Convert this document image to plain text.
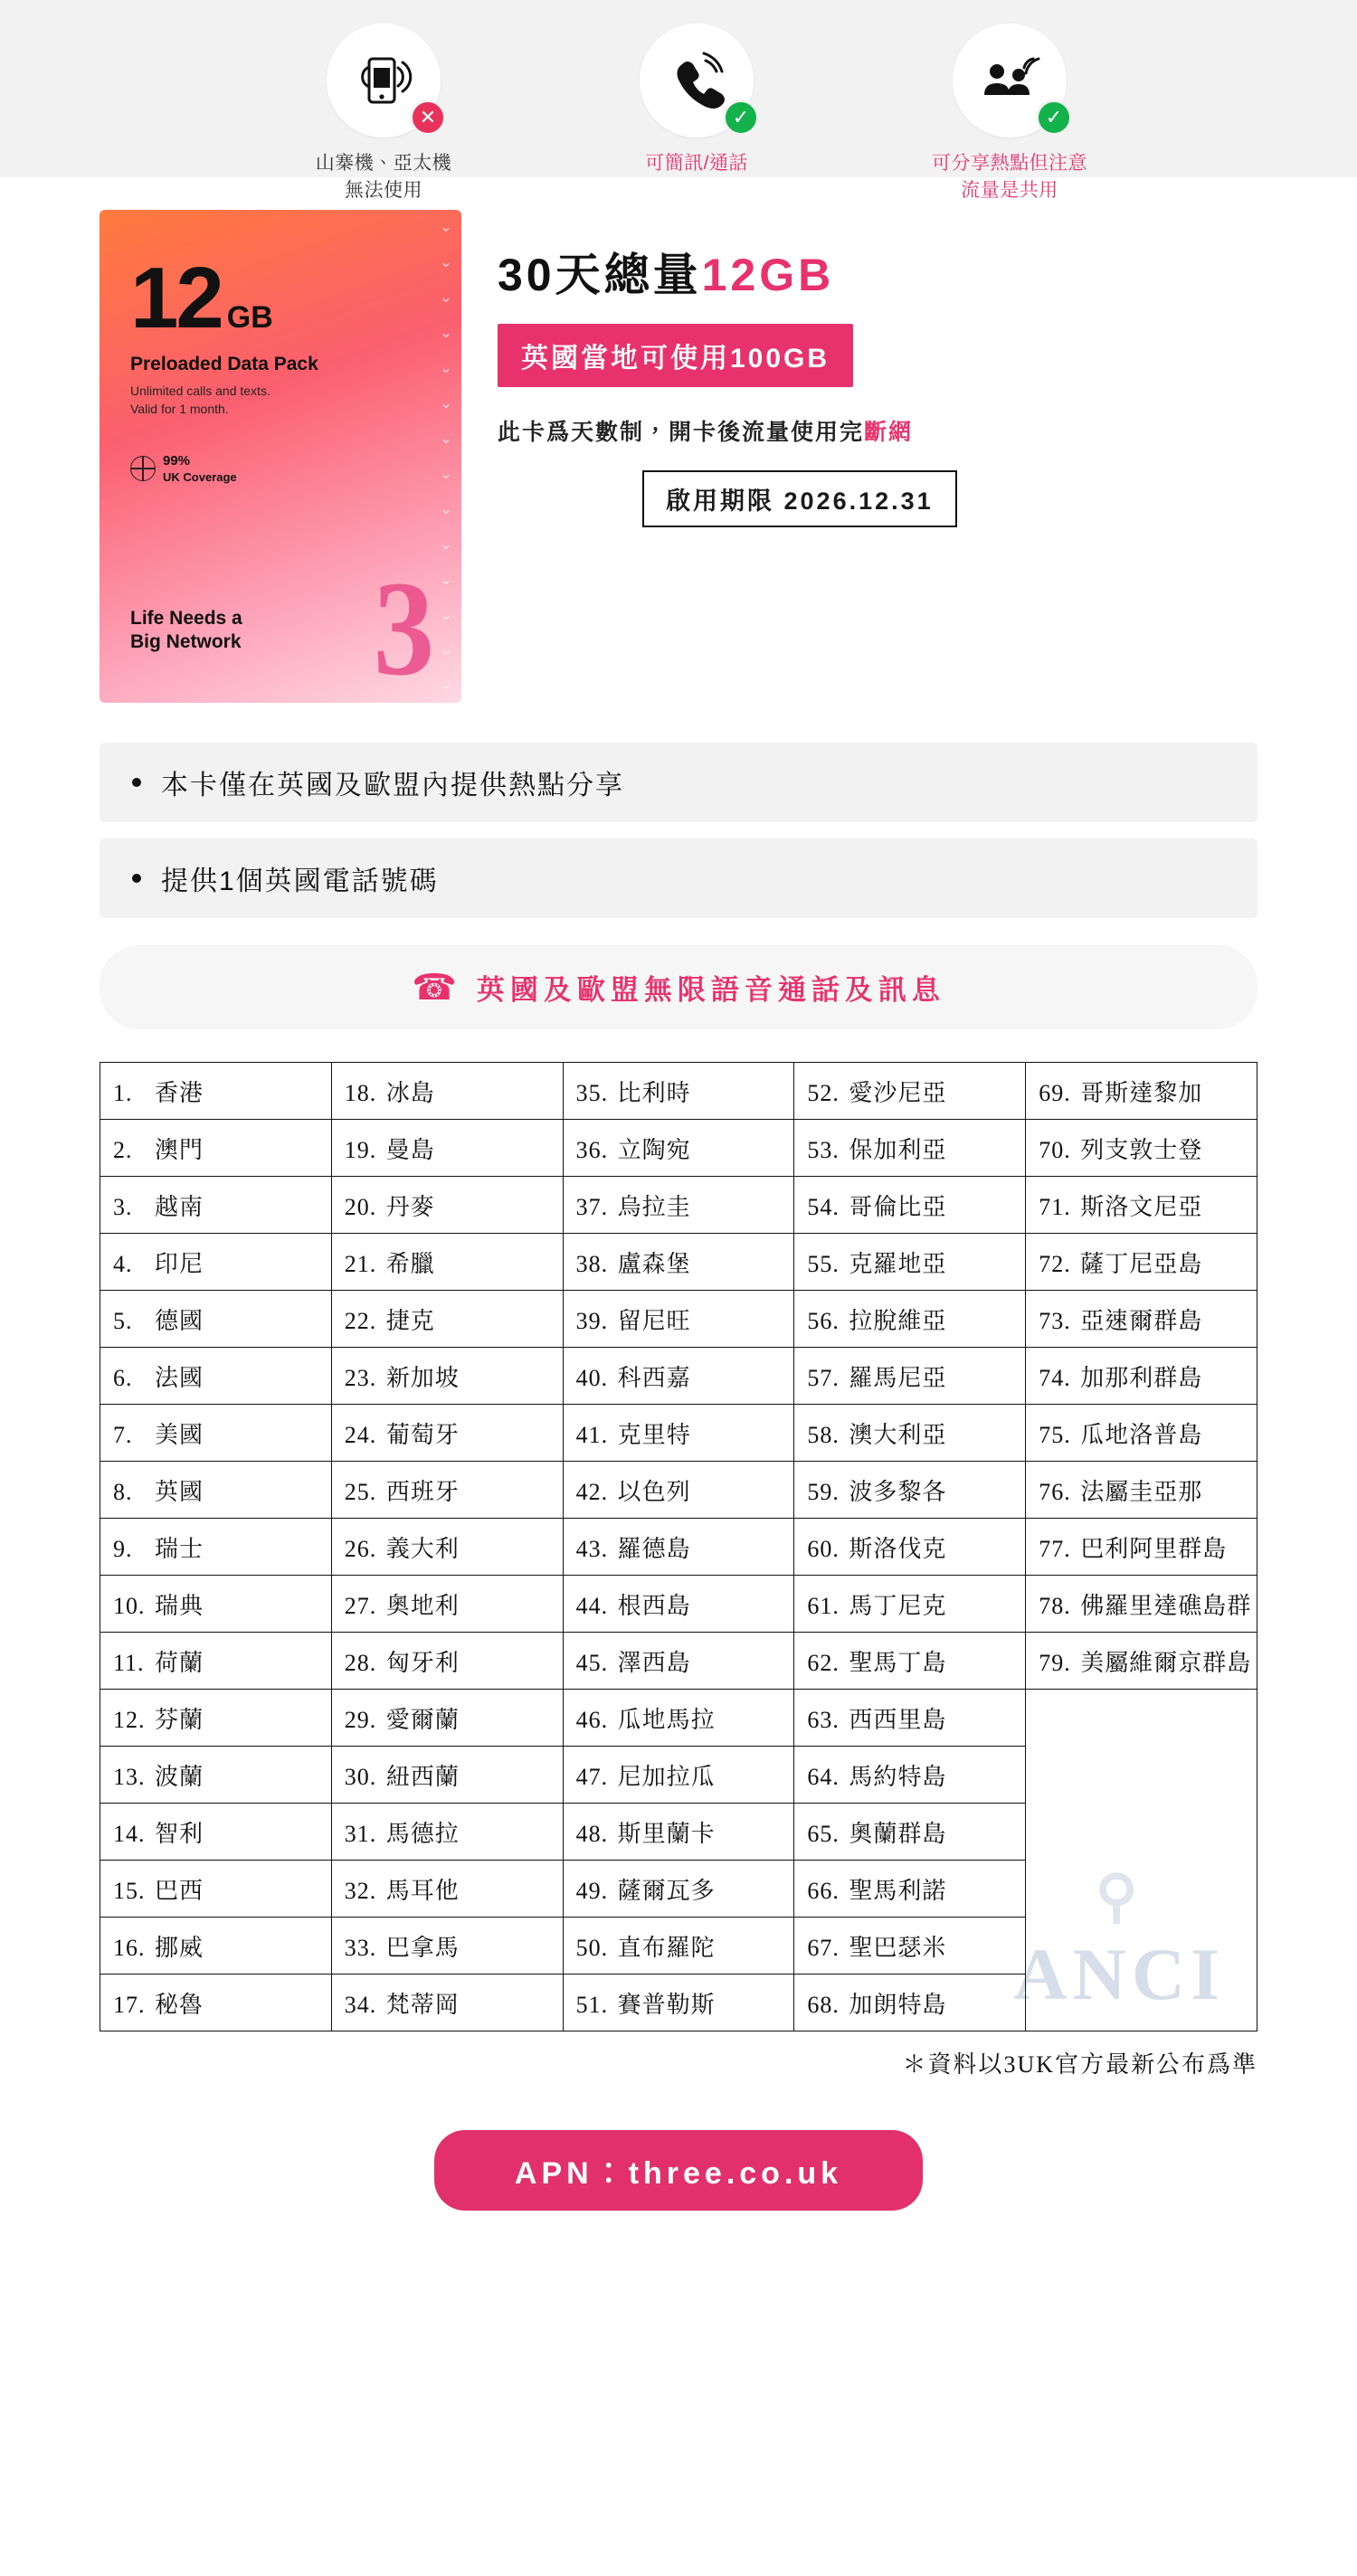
✕
山寨機、亞太機
無法使用
✓
可簡訊/通話
✓
可分享熱點但注意
流量是共用
12 GB
Preloaded Data Pack
Unlimited calls and texts.
Valid for 1 month.
99%
UK Coverage
Life Needs a
Big Network 3
⌄
⌄
⌄
⌄
⌄
⌄
⌄
⌄
⌄
⌄
⌄
⌄
⌄
⌄
30天總量12GB
英國當地可使用100GB
此卡爲天數制，開卡後流量使用完斷網
啟用期限 2026.12.31
本卡僅在英國及歐盟內提供熱點分享
提供1個英國電話號碼
☎ 英國及歐盟無限語音通話及訊息
⚲
ANCI
1. 香港	18. 冰島	35. 比利時	52. 愛沙尼亞	69. 哥斯達黎加
2. 澳門	19. 曼島	36. 立陶宛	53. 保加利亞	70. 列支敦士登
3. 越南	20. 丹麥	37. 烏拉圭	54. 哥倫比亞	71. 斯洛文尼亞
4. 印尼	21. 希臘	38. 盧森堡	55. 克羅地亞	72. 薩丁尼亞島
5. 德國	22. 捷克	39. 留尼旺	56. 拉脫維亞	73. 亞速爾群島
6. 法國	23. 新加坡	40. 科西嘉	57. 羅馬尼亞	74. 加那利群島
7. 美國	24. 葡萄牙	41. 克里特	58. 澳大利亞	75. 瓜地洛普島
8. 英國	25. 西班牙	42. 以色列	59. 波多黎各	76. 法屬圭亞那
9. 瑞士	26. 義大利	43. 羅德島	60. 斯洛伐克	77. 巴利阿里群島
10. 瑞典	27. 奧地利	44. 根西島	61. 馬丁尼克	78. 佛羅里達礁島群
11. 荷蘭	28. 匈牙利	45. 澤西島	62. 聖馬丁島	79. 美屬維爾京群島
12. 芬蘭	29. 愛爾蘭	46. 瓜地馬拉	63. 西西里島	
13. 波蘭	30. 紐西蘭	47. 尼加拉瓜	64. 馬約特島	
14. 智利	31. 馬德拉	48. 斯里蘭卡	65. 奧蘭群島	
15. 巴西	32. 馬耳他	49. 薩爾瓦多	66. 聖馬利諾	
16. 挪威	33. 巴拿馬	50. 直布羅陀	67. 聖巴瑟米	
17. 秘魯	34. 梵蒂岡	51. 賽普勒斯	68. 加朗特島	
＊資料以3UK官方最新公布爲準
APN：three.co.uk
